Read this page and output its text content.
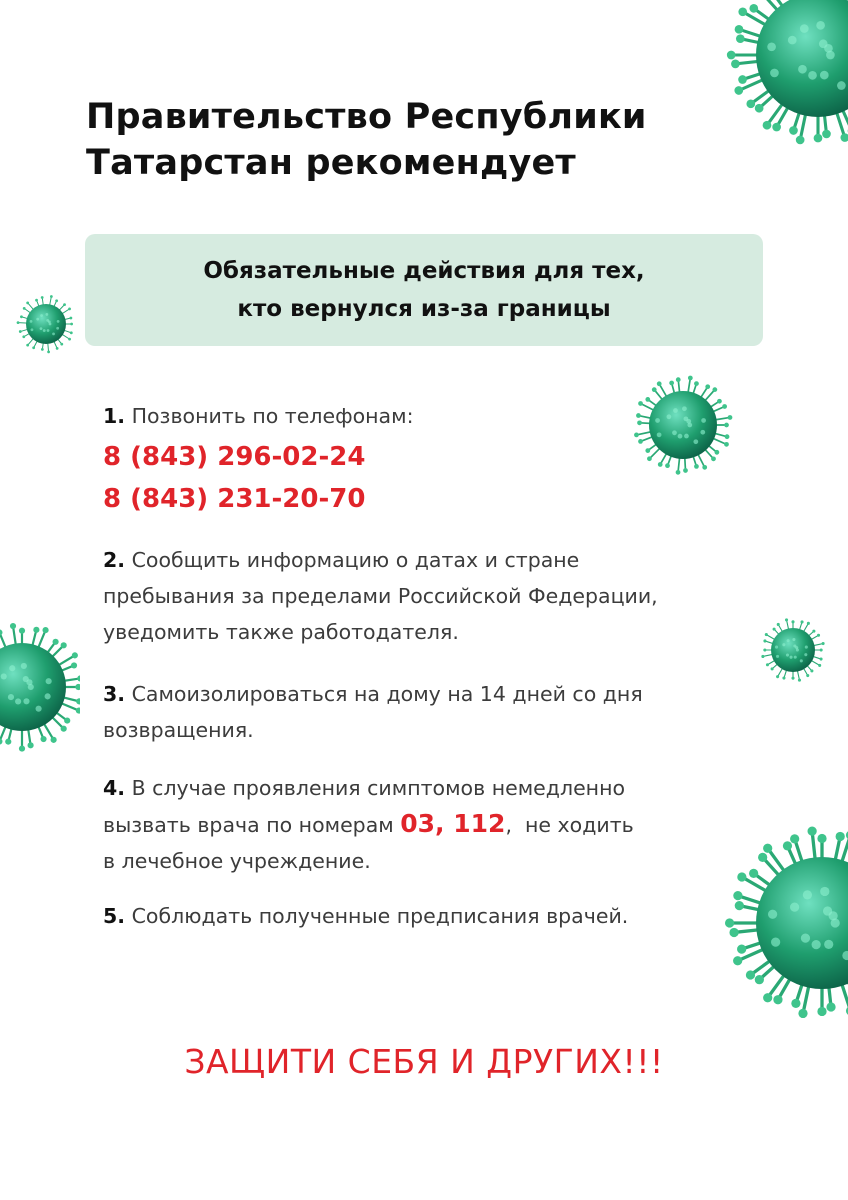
Правительство Республики
Татарстан рекомендует
Обязательные действия для тех,
кто вернулся из-за границы
1. Позвонить по телефонам:
8 (843) 296-02-24
8 (843) 231-20-70
2. Сообщить информацию о датах и стране
пребывания за пределами Российской Федерации,
уведомить также работодателя.
3. Самоизолироваться на дому на 14 дней со дня
возвращения.
4. В случае проявления симптомов немедленно
вызвать врача по номерам 03, 112,  не ходить
в лечебное учреждение.
5. Соблюдать полученные предписания врачей.
ЗАЩИТИ СЕБЯ И ДРУГИХ!!!
